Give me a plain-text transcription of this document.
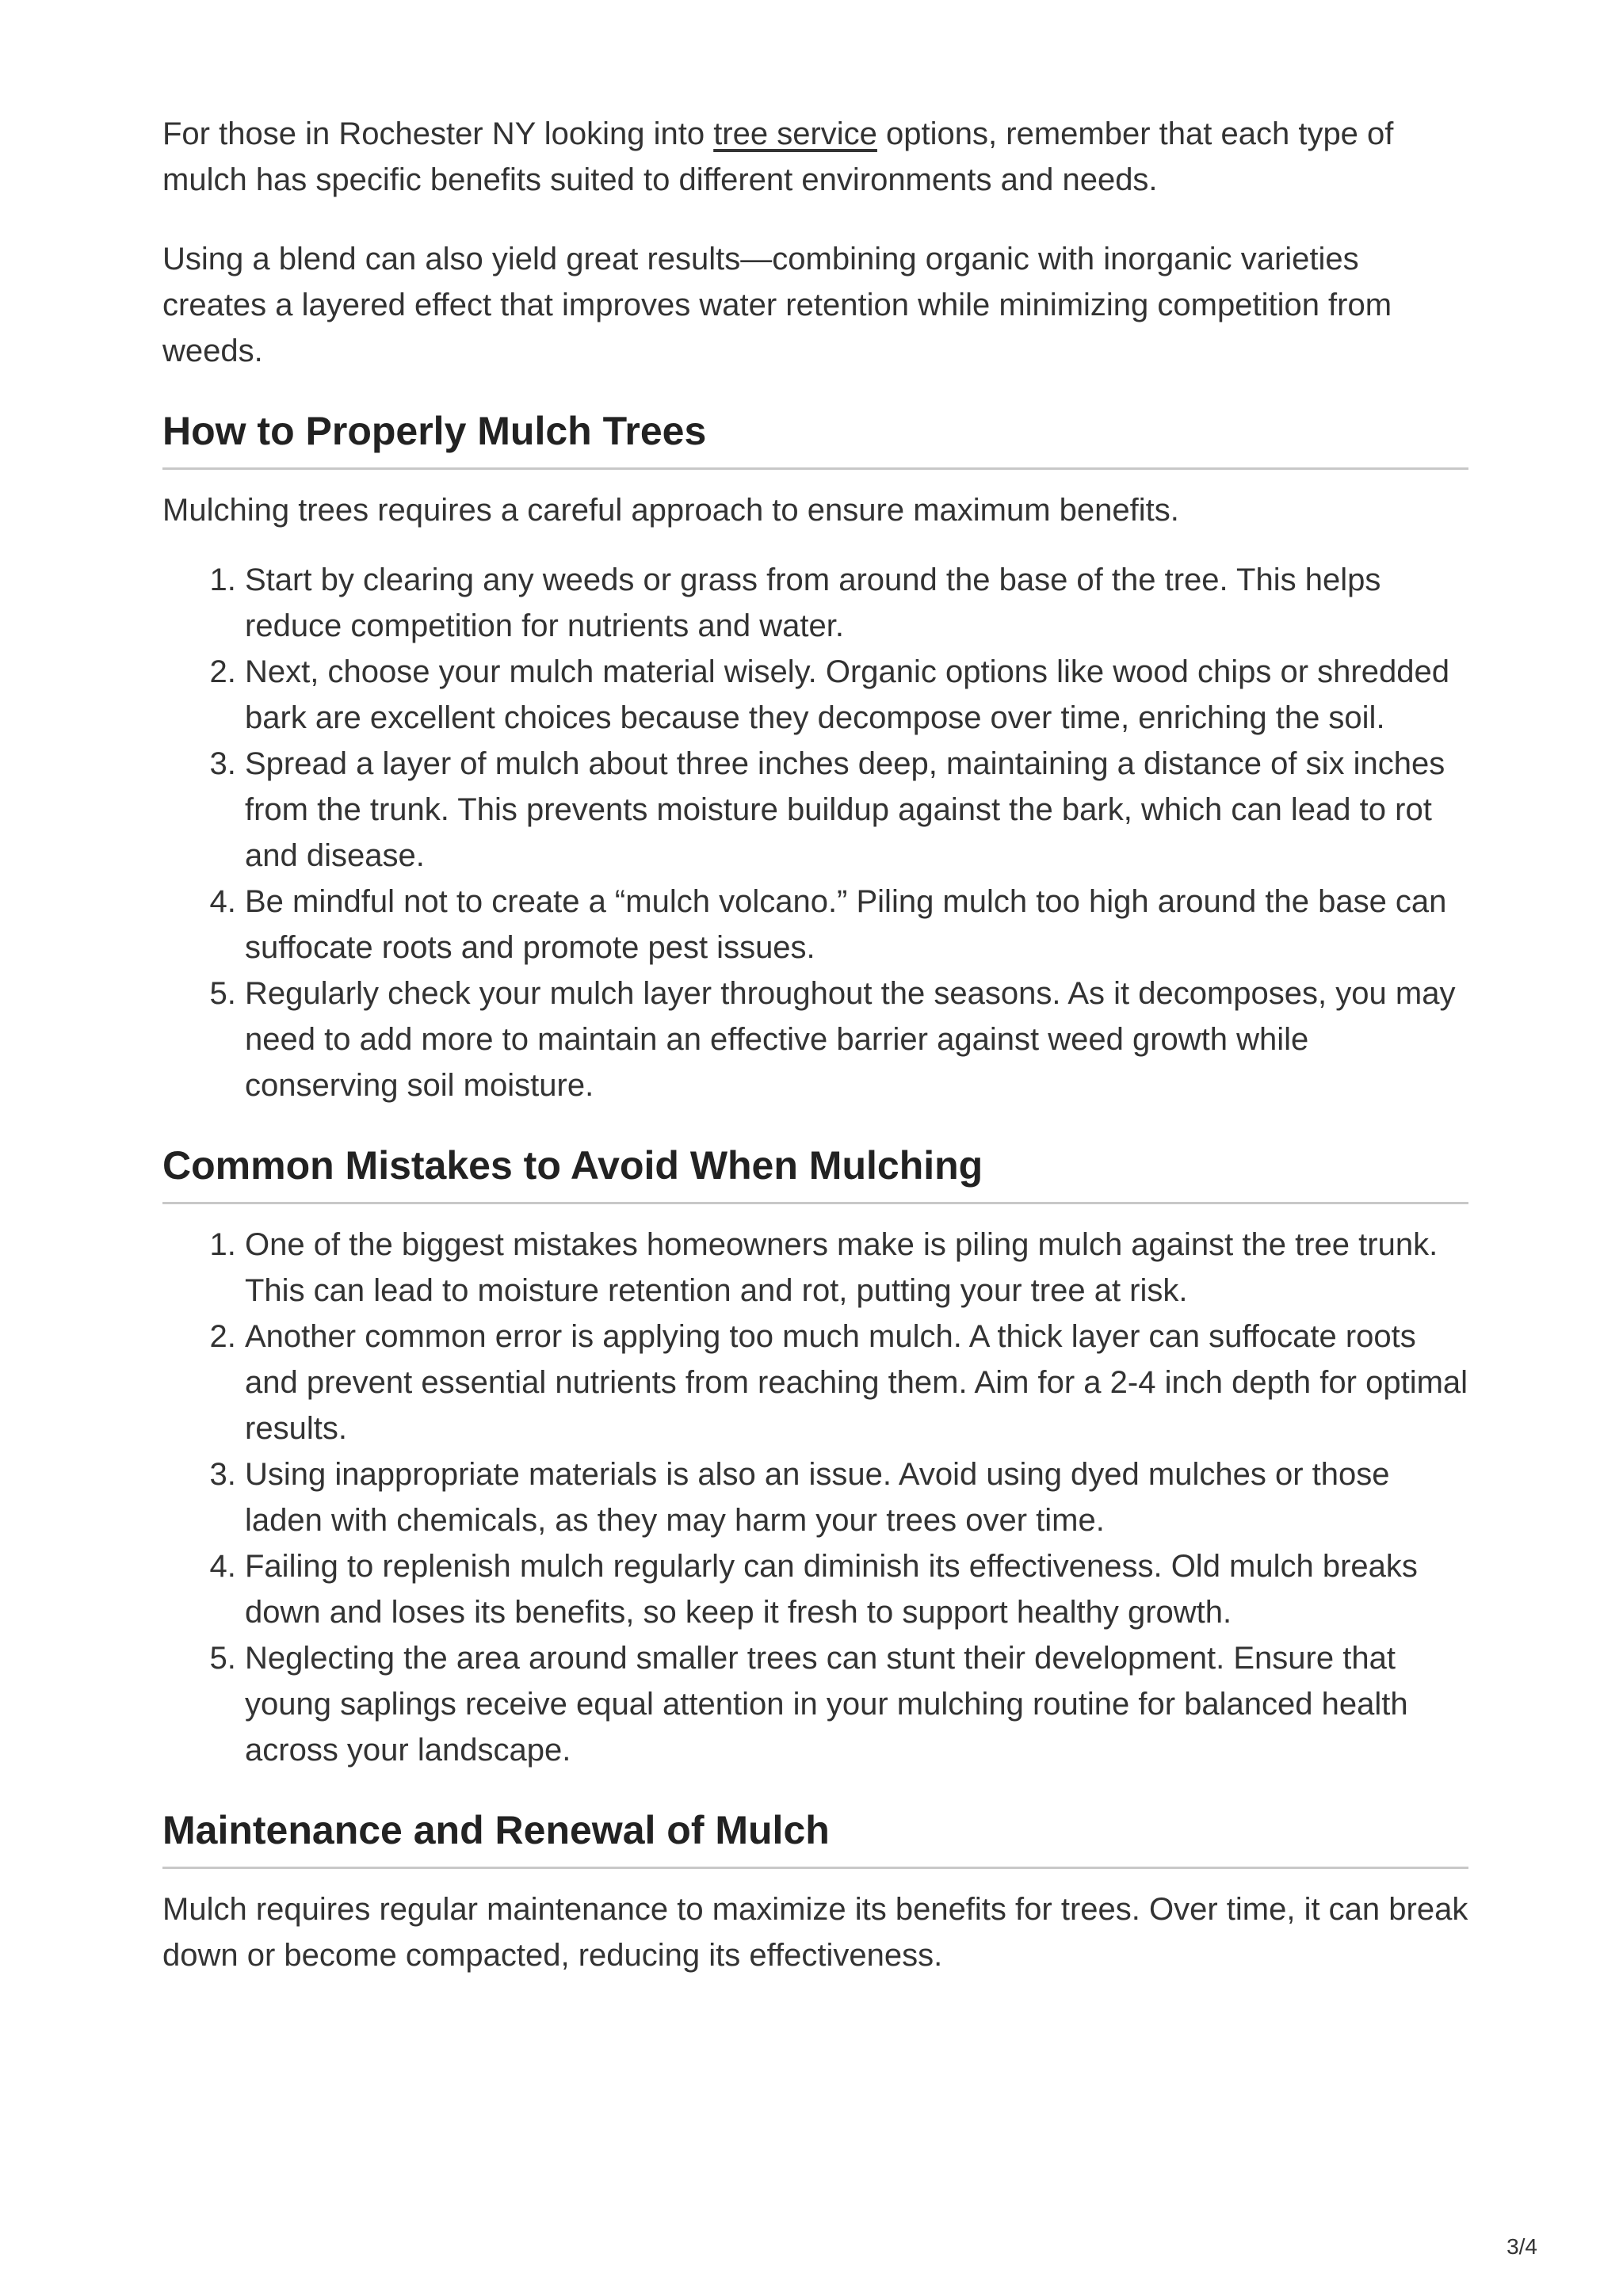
For those in Rochester NY looking into tree service options, remember that each type of mulch has specific benefits suited to different environments and needs.

Using a blend can also yield great results—combining organic with inorganic varieties creates a layered effect that improves water retention while minimizing competition from weeds.

How to Properly Mulch Trees

Mulching trees requires a careful approach to ensure maximum benefits.

1. Start by clearing any weeds or grass from around the base of the tree. This helps reduce competition for nutrients and water.
2. Next, choose your mulch material wisely. Organic options like wood chips or shredded bark are excellent choices because they decompose over time, enriching the soil.
3. Spread a layer of mulch about three inches deep, maintaining a distance of six inches from the trunk. This prevents moisture buildup against the bark, which can lead to rot and disease.
4. Be mindful not to create a “mulch volcano.” Piling mulch too high around the base can suffocate roots and promote pest issues.
5. Regularly check your mulch layer throughout the seasons. As it decomposes, you may need to add more to maintain an effective barrier against weed growth while conserving soil moisture.
Common Mistakes to Avoid When Mulching
1. One of the biggest mistakes homeowners make is piling mulch against the tree trunk. This can lead to moisture retention and rot, putting your tree at risk.
2. Another common error is applying too much mulch. A thick layer can suffocate roots and prevent essential nutrients from reaching them. Aim for a 2-4 inch depth for optimal results.
3. Using inappropriate materials is also an issue. Avoid using dyed mulches or those laden with chemicals, as they may harm your trees over time.
4. Failing to replenish mulch regularly can diminish its effectiveness. Old mulch breaks down and loses its benefits, so keep it fresh to support healthy growth.
5. Neglecting the area around smaller trees can stunt their development. Ensure that young saplings receive equal attention in your mulching routine for balanced health across your landscape.
Maintenance and Renewal of Mulch

Mulch requires regular maintenance to maximize its benefits for trees. Over time, it can break down or become compacted, reducing its effectiveness.

3/4
